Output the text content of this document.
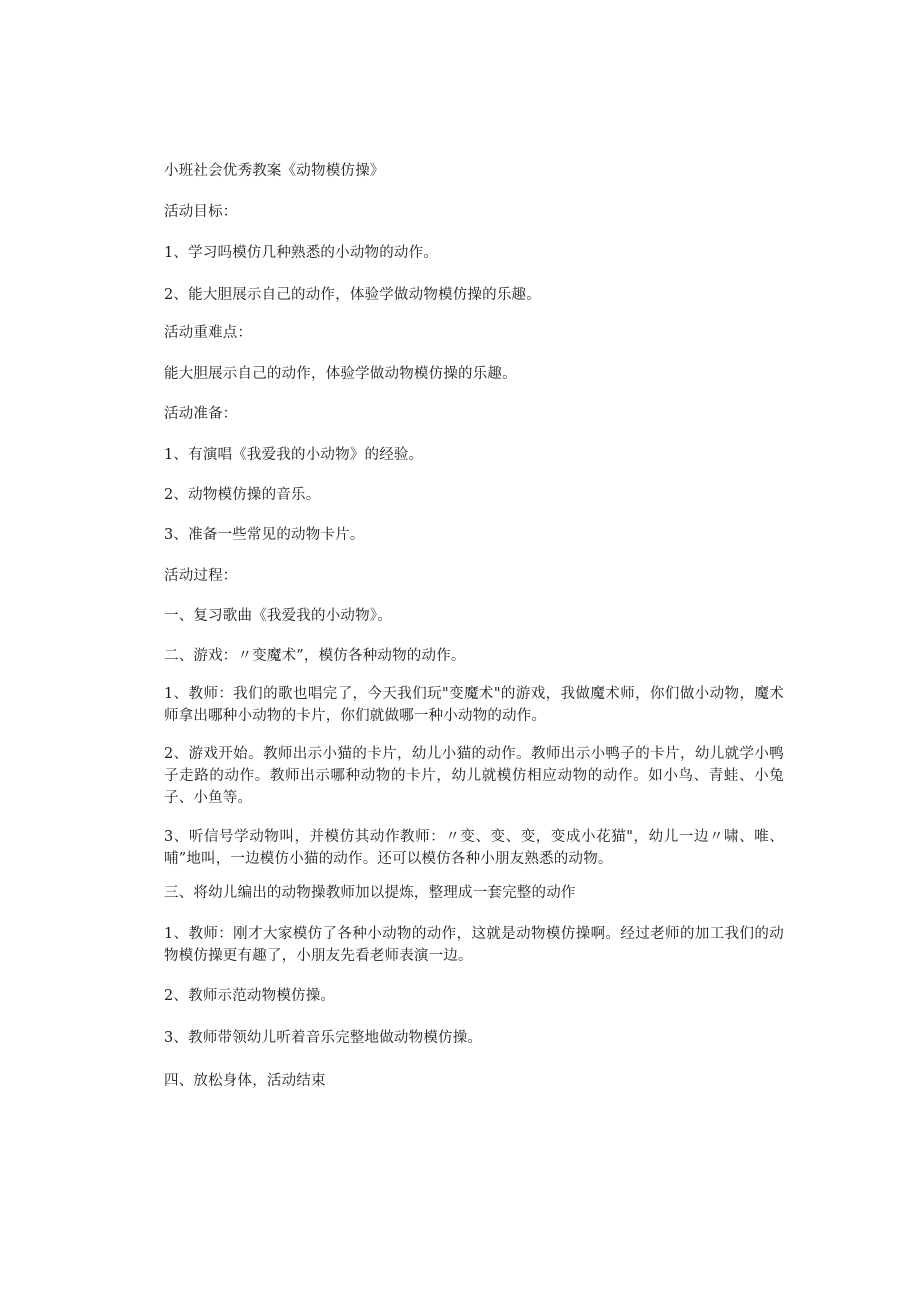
小班社会优秀教案《动物模仿操》
活动目标：
1、学习吗模仿几种熟悉的小动物的动作。
2、能大胆展示自己的动作，体验学做动物模仿操的乐趣。
活动重难点：
能大胆展示自己的动作，体验学做动物模仿操的乐趣。
活动准备：
1、有演唱《我爱我的小动物》的经验。
2、动物模仿操的音乐。
3、准备一些常见的动物卡片。
活动过程：
一、复习歌曲《我爱我的小动物》。
二、游戏：〃变魔术”，模仿各种动物的动作。
1、教师：我们的歌也唱完了，今天我们玩"变魔术"的游戏，我做魔术师，你们做小动物，魔术师拿出哪种小动物的卡片，你们就做哪一种小动物的动作。
2、游戏开始。教师出示小猫的卡片，幼儿小猫的动作。教师出示小鸭子的卡片，幼儿就学小鸭子走路的动作。教师出示哪种动物的卡片，幼儿就模仿相应动物的动作。如小鸟、青蛙、小兔子、小鱼等。
3、听信号学动物叫，并模仿其动作教师：〃变、变、变，变成小花猫"，幼儿一边〃啸、唯、哺”地叫，一边模仿小猫的动作。还可以模仿各种小朋友熟悉的动物。
三、将幼儿编出的动物操教师加以提炼，整理成一套完整的动作
1、教师：刚才大家模仿了各种小动物的动作，这就是动物模仿操啊。经过老师的加工我们的动物模仿操更有趣了，小朋友先看老师表演一边。
2、教师示范动物模仿操。
3、教师带领幼儿听着音乐完整地做动物模仿操。
四、放松身体，活动结束
